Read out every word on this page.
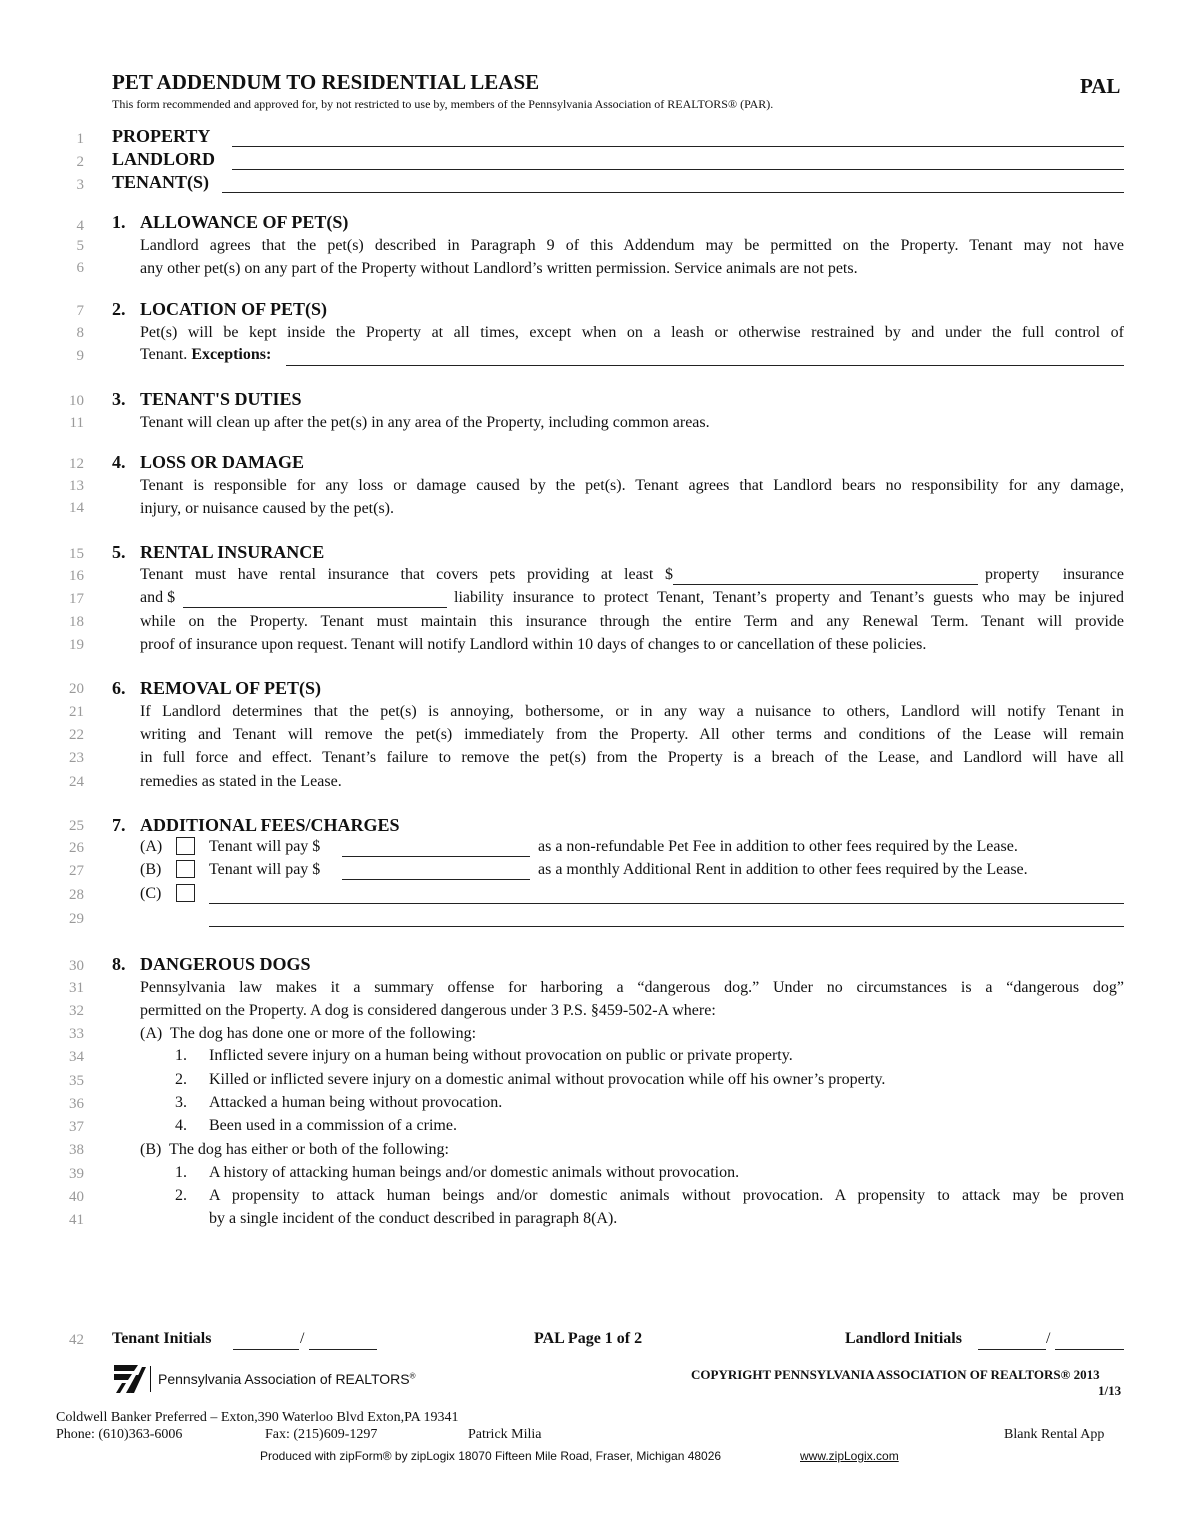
PET ADDENDUM TO RESIDENTIAL LEASE	PAL
This form recommended and approved for, by not restricted to use by, members of the Pennsylvania Association of REALTORS® (PAR).
1
2
3
4
5
6
7
8
9
10
11
12
13
14
15
16
17
18
19
20
21
22
23
24
25
26
27
28
29
30
31
32
33
34
35
36
37
38
39
40
41
42
PROPERTY
LANDLORD
TENANT(S)
1. ALLOWANCE OF PET(S)
Landlord agrees that the pet(s) described in Paragraph 9 of this Addendum may be permitted on the Property. Tenant may not have
any other pet(s) on any part of the Property without Landlord’s written permission. Service animals are not pets.
2. LOCATION OF PET(S)
Pet(s) will be kept inside the Property at all times, except when on a leash or otherwise restrained by and under the full control of
Tenant. Exceptions:
3. TENANT'S DUTIES
Tenant will clean up after the pet(s) in any area of the Property, including common areas.
4. LOSS OR DAMAGE
Tenant is responsible for any loss or damage caused by the pet(s). Tenant agrees that Landlord bears no responsibility for any damage,
injury, or nuisance caused by the pet(s).
5. RENTAL INSURANCE
Tenant must have rental insurance that covers pets providing at least $	property insurance
and $	liability insurance to protect Tenant, Tenant’s property and Tenant’s guests who may be injured
while on the Property. Tenant must maintain this insurance through the entire Term and any Renewal Term. Tenant will provide
proof of insurance upon request. Tenant will notify Landlord within 10 days of changes to or cancellation of these policies.
6. REMOVAL OF PET(S)
If Landlord determines that the pet(s) is annoying, bothersome, or in any way a nuisance to others, Landlord will notify Tenant in
writing and Tenant will remove the pet(s) immediately from the Property. All other terms and conditions of the Lease will remain
in full force and effect. Tenant’s failure to remove the pet(s) from the Property is a breach of the Lease, and Landlord will have all
remedies as stated in the Lease.
7. ADDITIONAL FEES/CHARGES
(A)	Tenant will pay $	as a non-refundable Pet Fee in addition to other fees required by the Lease.
(B)	Tenant will pay $	as a monthly Additional Rent in addition to other fees required by the Lease.
(C)
8. DANGEROUS DOGS
Pennsylvania law makes it a summary offense for harboring a “dangerous dog.” Under no circumstances is a “dangerous dog”
permitted on the Property. A dog is considered dangerous under 3 P.S. §459-502-A where:
(A)  The dog has done one or more of the following:
1. Inflicted severe injury on a human being without provocation on public or private property.
2. Killed or inflicted severe injury on a domestic animal without provocation while off his owner’s property.
3. Attacked a human being without provocation.
4. Been used in a commission of a crime.
(B)  The dog has either or both of the following:
1. A history of attacking human beings and/or domestic animals without provocation.
2. A propensity to attack human beings and/or domestic animals without provocation. A propensity to attack may be proven
by a single incident of the conduct described in paragraph 8(A).
Tenant Initials	/	PAL Page 1 of 2	Landlord Initials	/
Pennsylvania Association of REALTORS®	COPYRIGHT PENNSYLVANIA ASSOCIATION OF REALTORS® 2013
1/13
Coldwell Banker Preferred – Exton,390 Waterloo Blvd Exton,PA 19341
Phone: (610)363-6006	Fax: (215)609-1297	Patrick Milia	Blank Rental App
Produced with zipForm® by zipLogix 18070 Fifteen Mile Road, Fraser, Michigan 48026	www.zipLogix.com
